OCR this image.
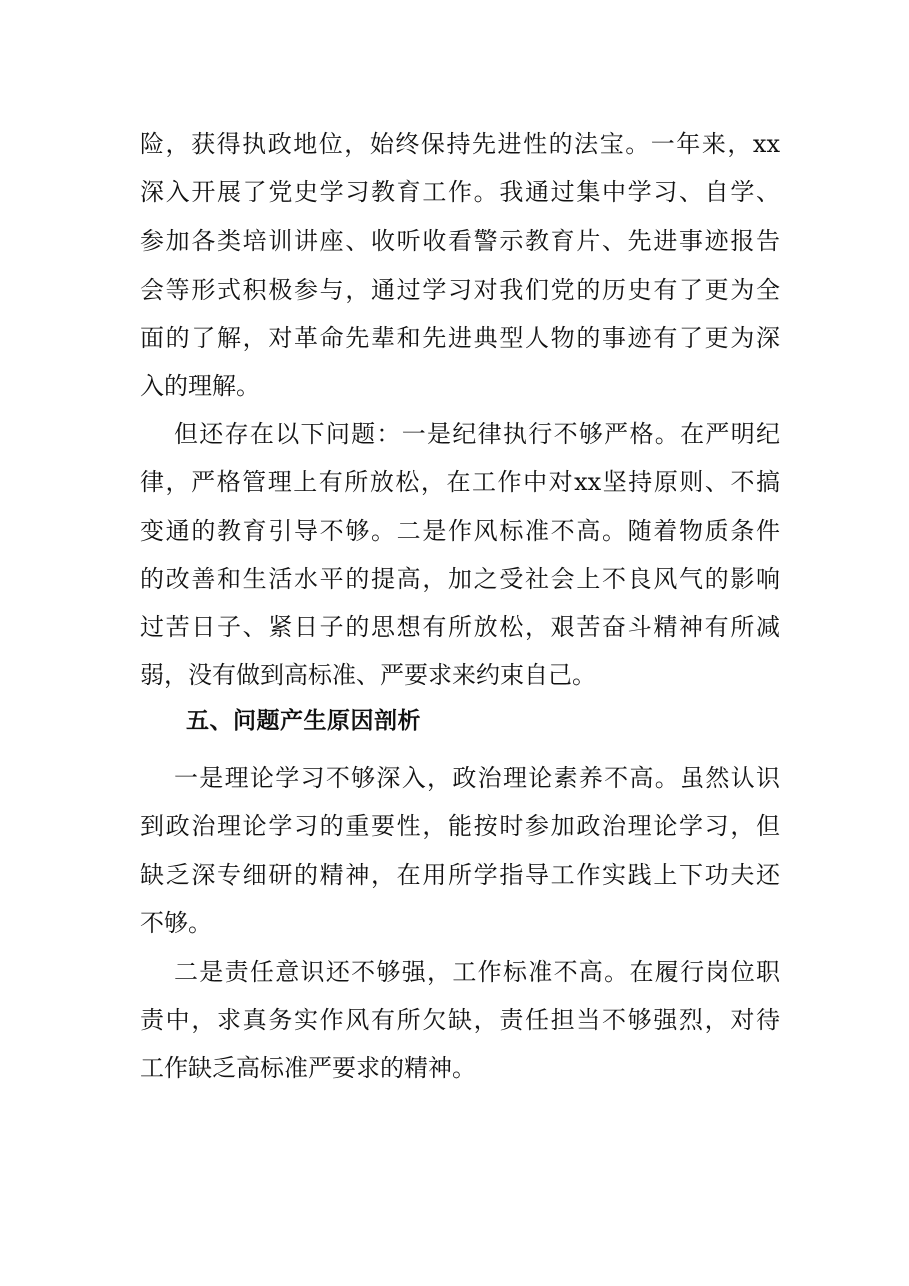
险，获得执政地位，始终保持先进性的法宝。一年来，xx
深入开展了党史学习教育工作。我通过集中学习、自学、
参加各类培训讲座、收听收看警示教育片、先进事迹报告
会等形式积极参与，通过学习对我们党的历史有了更为全
面的了解，对革命先辈和先进典型人物的事迹有了更为深
入的理解。
但还存在以下问题：一是纪律执行不够严格。在严明纪
律，严格管理上有所放松，在工作中对xx坚持原则、不搞
变通的教育引导不够。二是作风标准不高。随着物质条件
的改善和生活水平的提高，加之受社会上不良风气的影响
过苦日子、紧日子的思想有所放松，艰苦奋斗精神有所减
弱，没有做到高标准、严要求来约束自己。
五、问题产生原因剖析
一是理论学习不够深入，政治理论素养不高。虽然认识
到政治理论学习的重要性，能按时参加政治理论学习，但
缺乏深专细研的精神，在用所学指导工作实践上下功夫还
不够。
二是责任意识还不够强，工作标准不高。在履行岗位职
责中，求真务实作风有所欠缺，责任担当不够强烈，对待
工作缺乏高标准严要求的精神。
